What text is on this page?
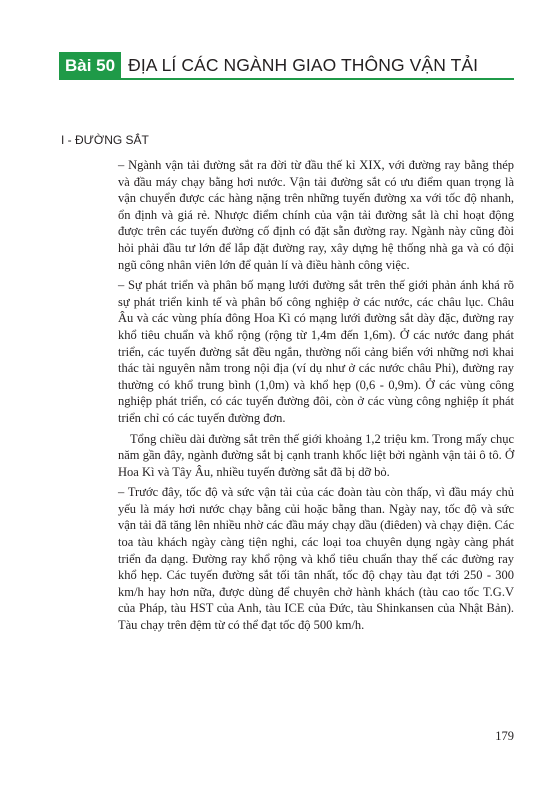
Bài 50 ĐỊA LÍ CÁC NGÀNH GIAO THÔNG VẬN TẢI
I - ĐƯỜNG SẮT

– Ngành vận tải đường sắt ra đời từ đầu thế kỉ XIX, với đường ray bằng thép và đầu máy chạy bằng hơi nước. Vận tải đường sắt có ưu điểm quan trọng là vận chuyển được các hàng nặng trên những tuyến đường xa với tốc độ nhanh, ổn định và giá rẻ. Nhược điểm chính của vận tải đường sắt là chỉ hoạt động được trên các tuyến đường cố định có đặt sẵn đường ray. Ngành này cũng đòi hỏi phải đầu tư lớn để lắp đặt đường ray, xây dựng hệ thống nhà ga và có đội ngũ công nhân viên lớn để quản lí và điều hành công việc.

– Sự phát triển và phân bố mạng lưới đường sắt trên thế giới phản ánh khá rõ sự phát triển kinh tế và phân bố công nghiệp ở các nước, các châu lục. Châu Âu và các vùng phía đông Hoa Kì có mạng lưới đường sắt dày đặc, đường ray khổ tiêu chuẩn và khổ rộng (rộng từ 1,4m đến 1,6m). Ở các nước đang phát triển, các tuyến đường sắt đều ngắn, thường nối cảng biển với những nơi khai thác tài nguyên nằm trong nội địa (ví dụ như ở các nước châu Phi), đường ray thường có khổ trung bình (1,0m) và khổ hẹp (0,6 - 0,9m). Ở các vùng công nghiệp phát triển, có các tuyến đường đôi, còn ở các vùng công nghiệp ít phát triển chỉ có các tuyến đường đơn.

Tổng chiều dài đường sắt trên thế giới khoảng 1,2 triệu km. Trong mấy chục năm gần đây, ngành đường sắt bị cạnh tranh khốc liệt bởi ngành vận tải ô tô. Ở Hoa Kì và Tây Âu, nhiều tuyến đường sắt đã bị dỡ bỏ.

– Trước đây, tốc độ và sức vận tải của các đoàn tàu còn thấp, vì đầu máy chủ yếu là máy hơi nước chạy bằng củi hoặc bằng than. Ngày nay, tốc độ và sức vận tải đã tăng lên nhiều nhờ các đầu máy chạy dầu (điêden) và chạy điện. Các toa tàu khách ngày càng tiện nghi, các loại toa chuyên dụng ngày càng phát triển đa dạng. Đường ray khổ rộng và khổ tiêu chuẩn thay thế các đường ray khổ hẹp. Các tuyến đường sắt tối tân nhất, tốc độ chạy tàu đạt tới 250 - 300 km/h hay hơn nữa, được dùng để chuyên chở hành khách (tàu cao tốc T.G.V của Pháp, tàu HST của Anh, tàu ICE của Đức, tàu Shinkansen của Nhật Bản). Tàu chạy trên đệm từ có thể đạt tốc độ 500 km/h.

179
